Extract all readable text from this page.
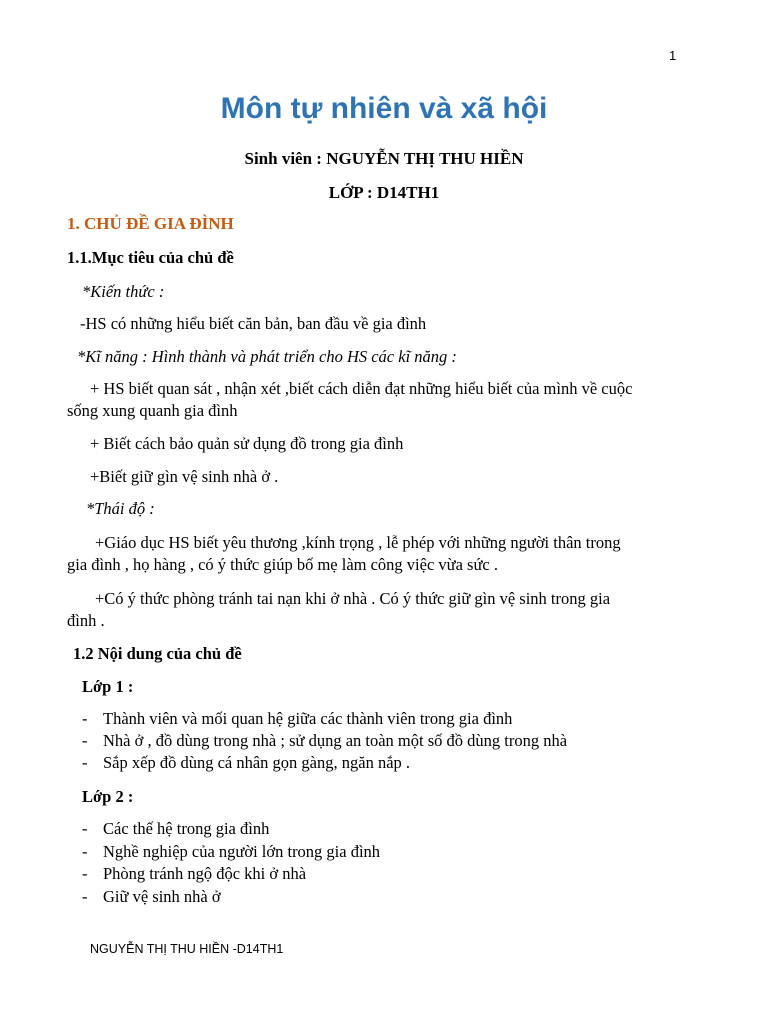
1
Môn tự nhiên và xã hội
Sinh viên : NGUYỄN THỊ THU HIỀN
LỚP : D14TH1
1. CHỦ ĐỀ GIA ĐÌNH
1.1.Mục tiêu của chủ đề
*Kiến thức :
-HS có những hiểu biết căn bản, ban đầu về gia đình
*Kĩ năng : Hình thành và phát triển cho HS các kĩ năng :
+ HS biết quan sát , nhận xét ,biết cách diễn đạt những hiểu biết của mình về cuộc
sống xung quanh gia đình
+ Biết cách bảo quản sử dụng đồ trong gia đình
+Biết giữ gìn vệ sinh nhà ở .
*Thái độ :
+Giáo dục HS biết yêu thương ,kính trọng , lễ phép với những người thân trong
gia đình , họ hàng , có ý thức giúp bố mẹ làm công việc vừa sức .
+Có ý thức phòng tránh tai nạn khi ở nhà . Có ý thức giữ gìn vệ sinh trong gia
đình .
1.2 Nội dung của chủ đề
Lớp 1 :
- Thành viên và mối quan hệ giữa các thành viên trong gia đình
- Nhà ở , đồ dùng trong nhà ; sử dụng an toàn một số đồ dùng trong nhà
- Sắp xếp đồ dùng cá nhân gọn gàng, ngăn nắp .
Lớp 2 :
- Các thế hệ trong gia đình
- Nghề nghiệp của người lớn trong gia đình
- Phòng tránh ngộ độc khi ở nhà
- Giữ vệ sinh nhà ở
NGUYỄN THỊ THU HIỀN -D14TH1
